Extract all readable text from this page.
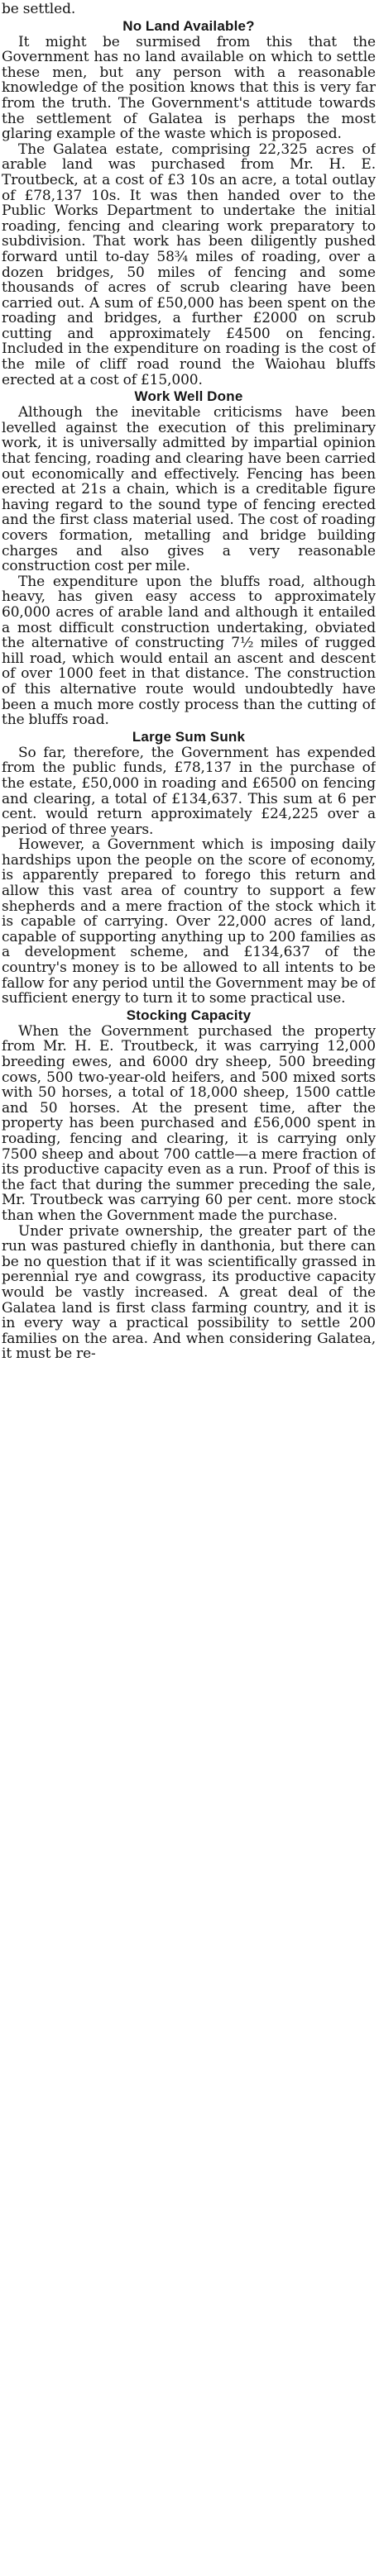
be settled.

No Land Available?

It might be surmised from this that the Government has no land available on which to settle these men, but any person with a reasonable knowledge of the position knows that this is very far from the truth. The Government's attitude towards the settlement of Galatea is perhaps the most glaring example of the waste which is proposed.

The Galatea estate, comprising 22,325 acres of arable land was purchased from Mr. H. E. Troutbeck, at a cost of £3 10s an acre, a total outlay of £78,137 10s. It was then handed over to the Public Works Department to undertake the initial roading, fencing and clearing work preparatory to subdivision. That work has been diligently pushed forward until to-day 58¾ miles of roading, over a dozen bridges, 50 miles of fencing and some thousands of acres of scrub clearing have been carried out. A sum of £50,000 has been spent on the roading and bridges, a further £2000 on scrub cutting and approximately £4500 on fencing. Included in the expenditure on roading is the cost of the mile of cliff road round the Waiohau bluffs erected at a cost of £15,000.

Work Well Done

Although the inevitable criticisms have been levelled against the execution of this preliminary work, it is universally admitted by impartial opinion that fencing, roading and clearing have been carried out economically and effectively. Fencing has been erected at 21s a chain, which is a creditable figure having regard to the sound type of fencing erected and the first class material used. The cost of roading covers formation, metalling and bridge building charges and also gives a very reasonable construction cost per mile.

The expenditure upon the bluffs road, although heavy, has given easy access to approximately 60,000 acres of arable land and although it entailed a most difficult construction undertaking, obviated the alternative of constructing 7½ miles of rugged hill road, which would entail an ascent and descent of over 1000 feet in that distance. The construction of this alternative route would undoubtedly have been a much more costly process than the cutting of the bluffs road.

Large Sum Sunk

So far, therefore, the Government has expended from the public funds, £78,137 in the purchase of the estate, £50,000 in roading and £6500 on fencing and clearing, a total of £134,637. This sum at 6 per cent. would return approximately £24,225 over a period of three years.

However, a Government which is imposing daily hardships upon the people on the score of economy, is apparently prepared to forego this return and allow this vast area of country to support a few shepherds and a mere fraction of the stock which it is capable of carrying. Over 22,000 acres of land, capable of supporting anything up to 200 families as a development scheme, and £134,637 of the country's money is to be allowed to all intents to be fallow for any period until the Government may be of sufficient energy to turn it to some practical use.

Stocking Capacity

When the Government purchased the property from Mr. H. E. Troutbeck, it was carrying 12,000 breeding ewes, and 6000 dry sheep, 500 breeding cows, 500 two-year-old heifers, and 500 mixed sorts with 50 horses, a total of 18,000 sheep, 1500 cattle and 50 horses. At the present time, after the property has been purchased and £56,000 spent in roading, fencing and clearing, it is carrying only 7500 sheep and about 700 cattle—a mere fraction of its productive capacity even as a run. Proof of this is the fact that during the summer preceding the sale, Mr. Troutbeck was carrying 60 per cent. more stock than when the Government made the purchase.

Under private ownership, the greater part of the run was pastured chiefly in danthonia, but there can be no question that if it was scientifically grassed in perennial rye and cowgrass, its productive capacity would be vastly increased. A great deal of the Galatea land is first class farming country, and it is in every way a practical possibility to settle 200 families on the area. And when considering Galatea, it must be re-
